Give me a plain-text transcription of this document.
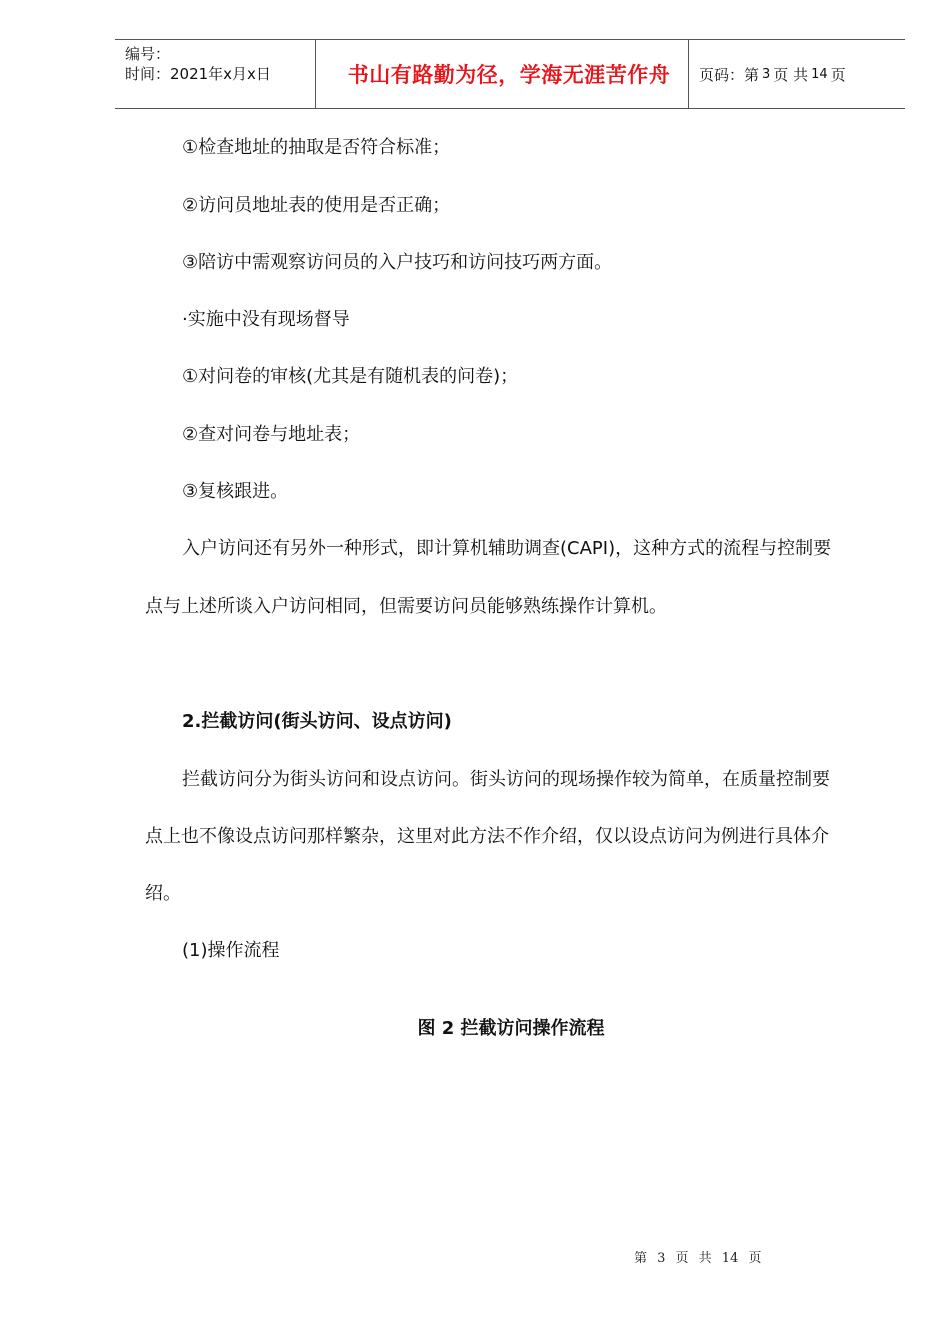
编号：
时间：2021年x月x日	书山有路勤为径，学海无涯苦作舟 页码：第 3 页 共 14 页
①检查地址的抽取是否符合标准；
②访问员地址表的使用是否正确；
③陪访中需观察访问员的入户技巧和访问技巧两方面。
·实施中没有现场督导
①对问卷的审核(尤其是有随机表的问卷)；
②查对问卷与地址表；
③复核跟进。
入户访问还有另外一种形式，即计算机辅助调查(CAPI)，这种方式的流程与控制要
点与上述所谈入户访问相同，但需要访问员能够熟练操作计算机。
2.拦截访问(街头访问、设点访问)
拦截访问分为街头访问和设点访问。街头访问的现场操作较为简单，在质量控制要
点上也不像设点访问那样繁杂，这里对此方法不作介绍，仅以设点访问为例进行具体介
绍。
(1)操作流程
图 2 拦截访问操作流程
第 3 页 共 14 页
